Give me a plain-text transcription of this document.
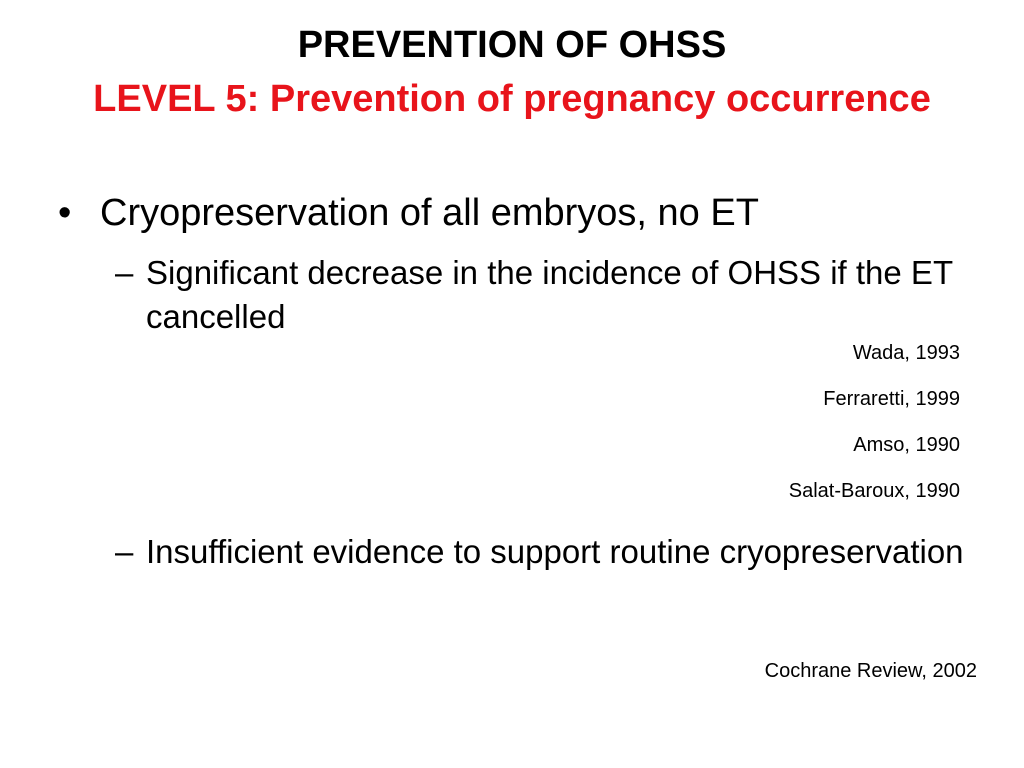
PREVENTION OF OHSS
LEVEL 5: Prevention of pregnancy occurrence
• Cryopreservation of all embryos, no ET
– Significant decrease in the incidence of OHSS if the ET cancelled
Wada, 1993
Ferraretti, 1999
Amso, 1990
Salat-Baroux, 1990
– Insufficient evidence to support routine cryopreservation
Cochrane Review, 2002
